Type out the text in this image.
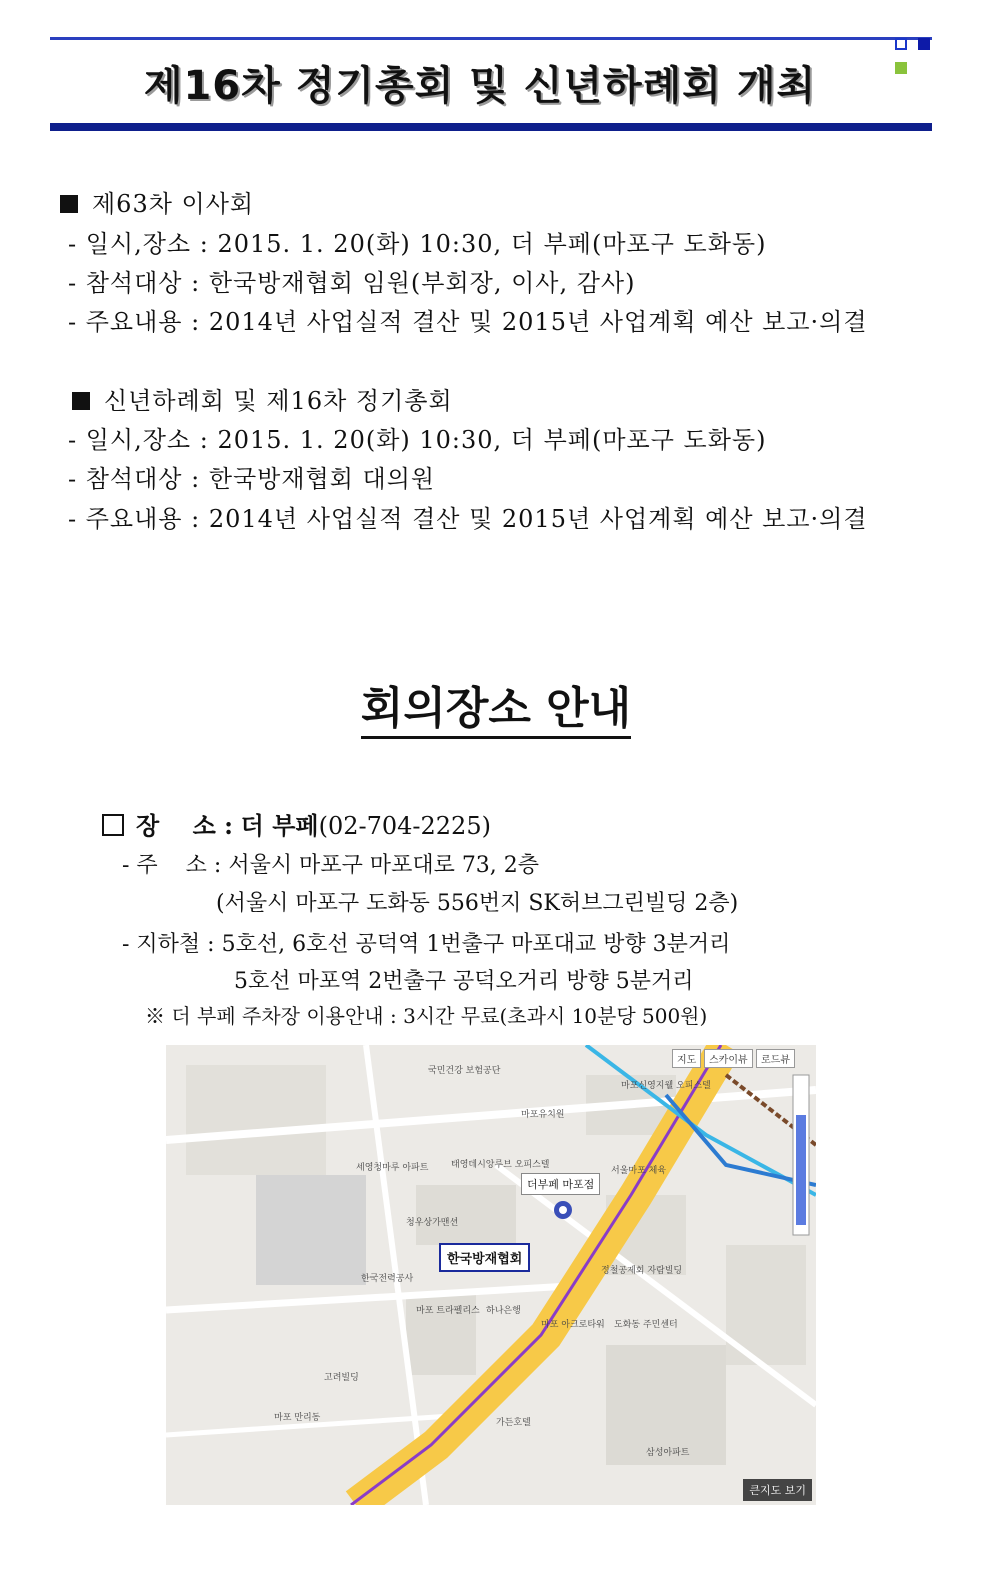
제16차 정기총회 및 신년하례회 개최
제63차 이사회
- 일시,장소 : 2015. 1. 20(화) 10:30, 더 부페(마포구 도화동)
- 참석대상 : 한국방재협회 임원(부회장, 이사, 감사)
- 주요내용 : 2014년 사업실적 결산 및 2015년 사업계획 예산 보고·의결
신년하례회 및 제16차 정기총회
- 일시,장소 : 2015. 1. 20(화) 10:30, 더 부페(마포구 도화동)
- 참석대상 : 한국방재협회 대의원
- 주요내용 : 2014년 사업실적 결산 및 2015년 사업계획 예산 보고·의결
회의장소 안내
장    소 : 더 부페(02-704-2225)
- 주    소 : 서울시 마포구 마포대로 73, 2층
(서울시 마포구 도화동 556번지 SK허브그린빌딩 2층)
- 지하철 : 5호선, 6호선 공덕역 1번출구 마포대교 방향 3분거리
5호선 마포역 2번출구 공덕오거리 방향 5분거리
※ 더 부페 주차장 이용안내 : 3시간 무료(초과시 10분당 500원)
지도	스카이뷰	로드뷰
마포신영지웰 오피스텔
국민건강 보험공단
마포유치원
세영청마루 아파트	태영데시앙루브 오피스텔
서울마포 체육
청우상가맨션
한국전력공사
정철공제회 자람빌딩
마포 트라펠리스
고려빌딩
삼성아파트
가든호텔
마포 아크로타워 도화동 주민센터
하나은행
마포 만리동
더부페 마포점
한국방재협회
큰지도 보기
